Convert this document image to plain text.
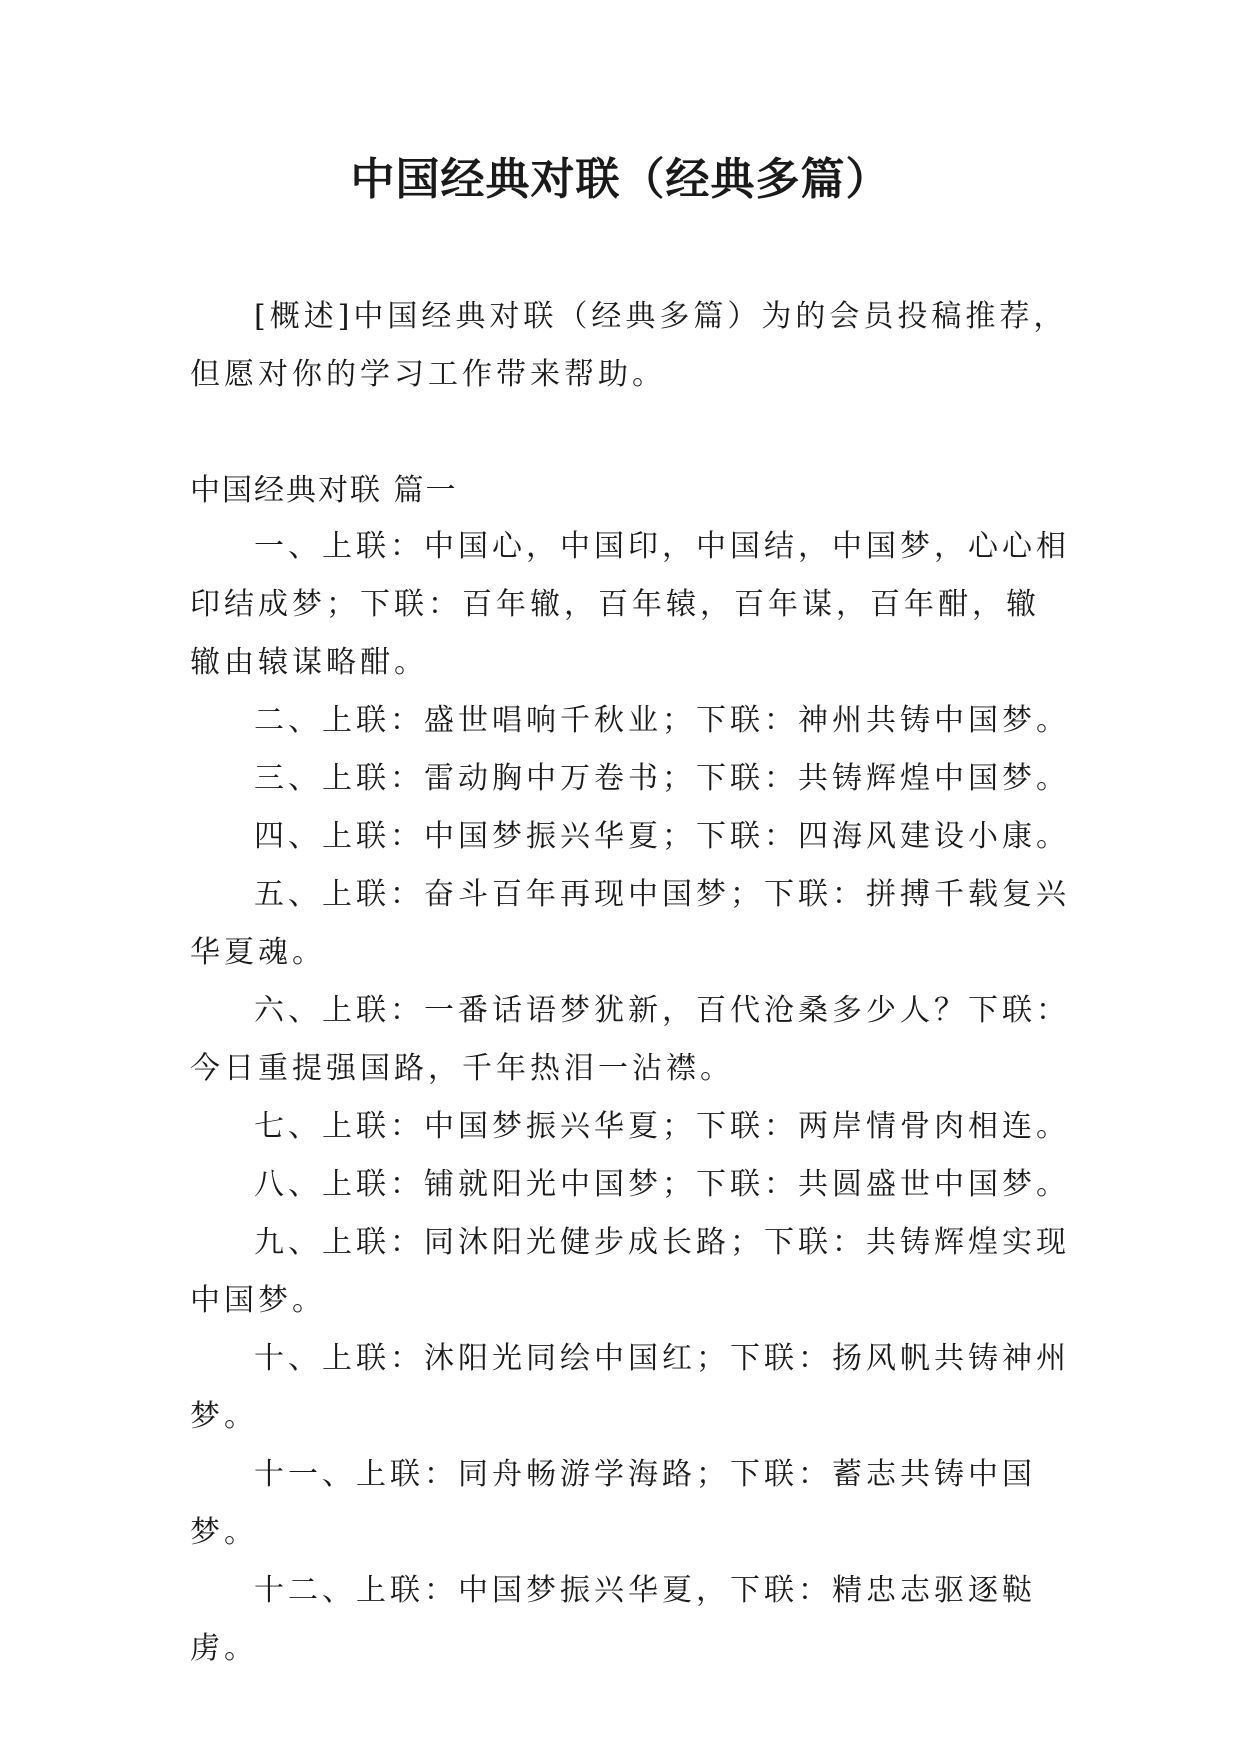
中国经典对联（经典多篇）
[概述]中国经典对联（经典多篇）为的会员投稿推荐，但愿对你的学习工作带来帮助。
中国经典对联 篇一

一、上联：中国心，中国印，中国结，中国梦，心心相印结成梦；下联：百年辙，百年辕，百年谋，百年酣，辙辙由辕谋略酣。

二、上联：盛世唱响千秋业；下联：神州共铸中国梦。

三、上联：雷动胸中万卷书；下联：共铸辉煌中国梦。

四、上联：中国梦振兴华夏；下联：四海风建设小康。

五、上联：奋斗百年再现中国梦；下联：拼搏千载复兴华夏魂。

六、上联：一番话语梦犹新，百代沧桑多少人？下联：今日重提强国路，千年热泪一沾襟。

七、上联：中国梦振兴华夏；下联：两岸情骨肉相连。

八、上联：铺就阳光中国梦；下联：共圆盛世中国梦。

九、上联：同沐阳光健步成长路；下联：共铸辉煌实现中国梦。

十、上联：沐阳光同绘中国红；下联：扬风帆共铸神州梦。

十一、上联：同舟畅游学海路；下联：蓄志共铸中国梦。

十二、上联：中国梦振兴华夏，下联：精忠志驱逐鞑虏。
